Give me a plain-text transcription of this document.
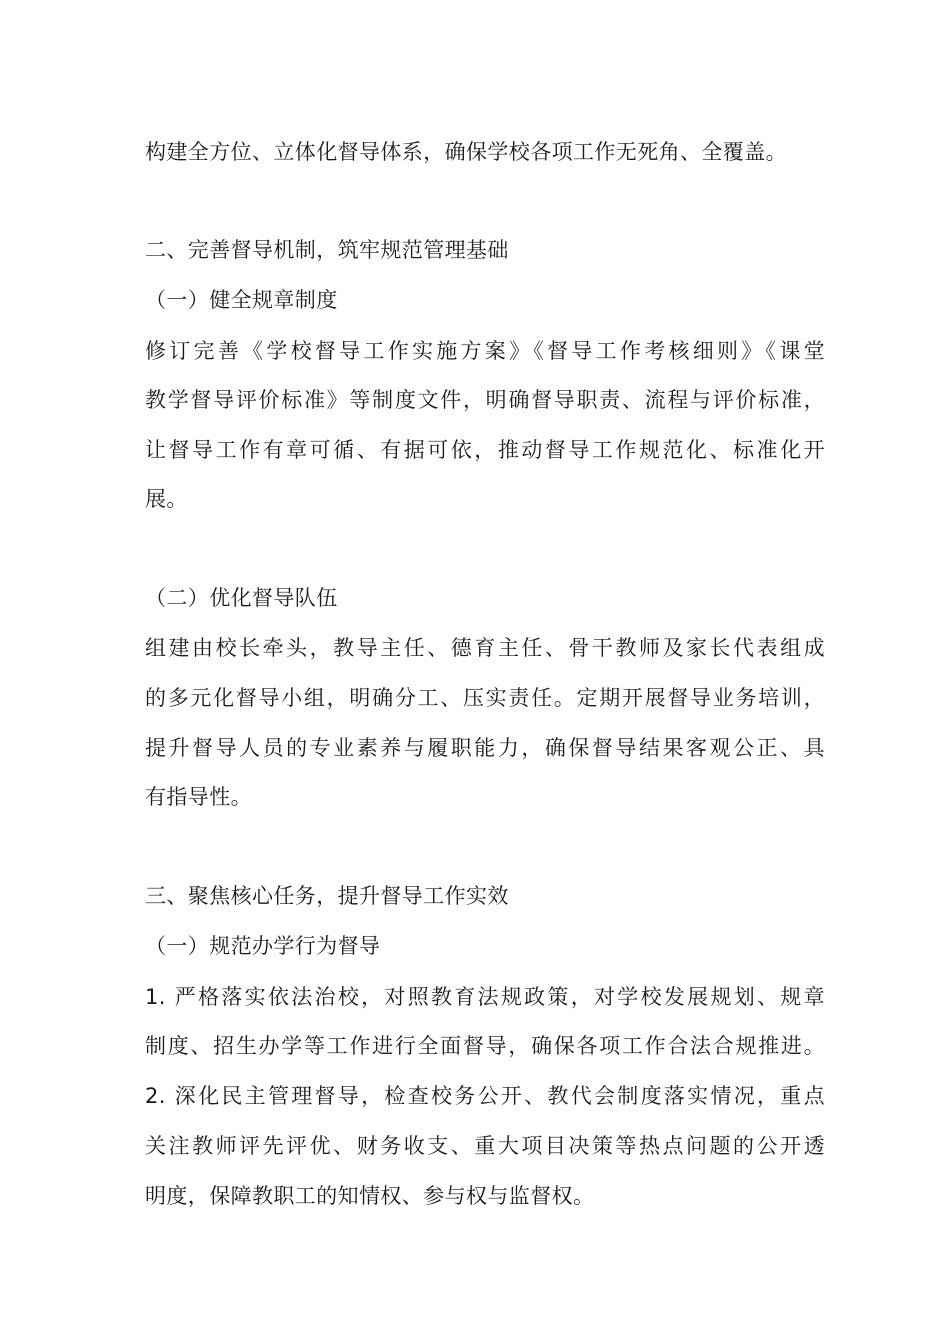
构建全方位、立体化督导体系，确保学校各项工作无死角、全覆盖。
二、完善督导机制，筑牢规范管理基础
（一）健全规章制度
修订完善《学校督导工作实施方案》《督导工作考核细则》《课堂
教学督导评价标准》等制度文件，明确督导职责、流程与评价标准，
让督导工作有章可循、有据可依，推动督导工作规范化、标准化开
展。
（二）优化督导队伍
组建由校长牵头，教导主任、德育主任、骨干教师及家长代表组成
的多元化督导小组，明确分工、压实责任。定期开展督导业务培训，
提升督导人员的专业素养与履职能力，确保督导结果客观公正、具
有指导性。
三、聚焦核心任务，提升督导工作实效
（一）规范办学行为督导
1. 严格落实依法治校，对照教育法规政策，对学校发展规划、规章
制度、招生办学等工作进行全面督导，确保各项工作合法合规推进。
2. 深化民主管理督导，检查校务公开、教代会制度落实情况，重点
关注教师评先评优、财务收支、重大项目决策等热点问题的公开透
明度，保障教职工的知情权、参与权与监督权。
